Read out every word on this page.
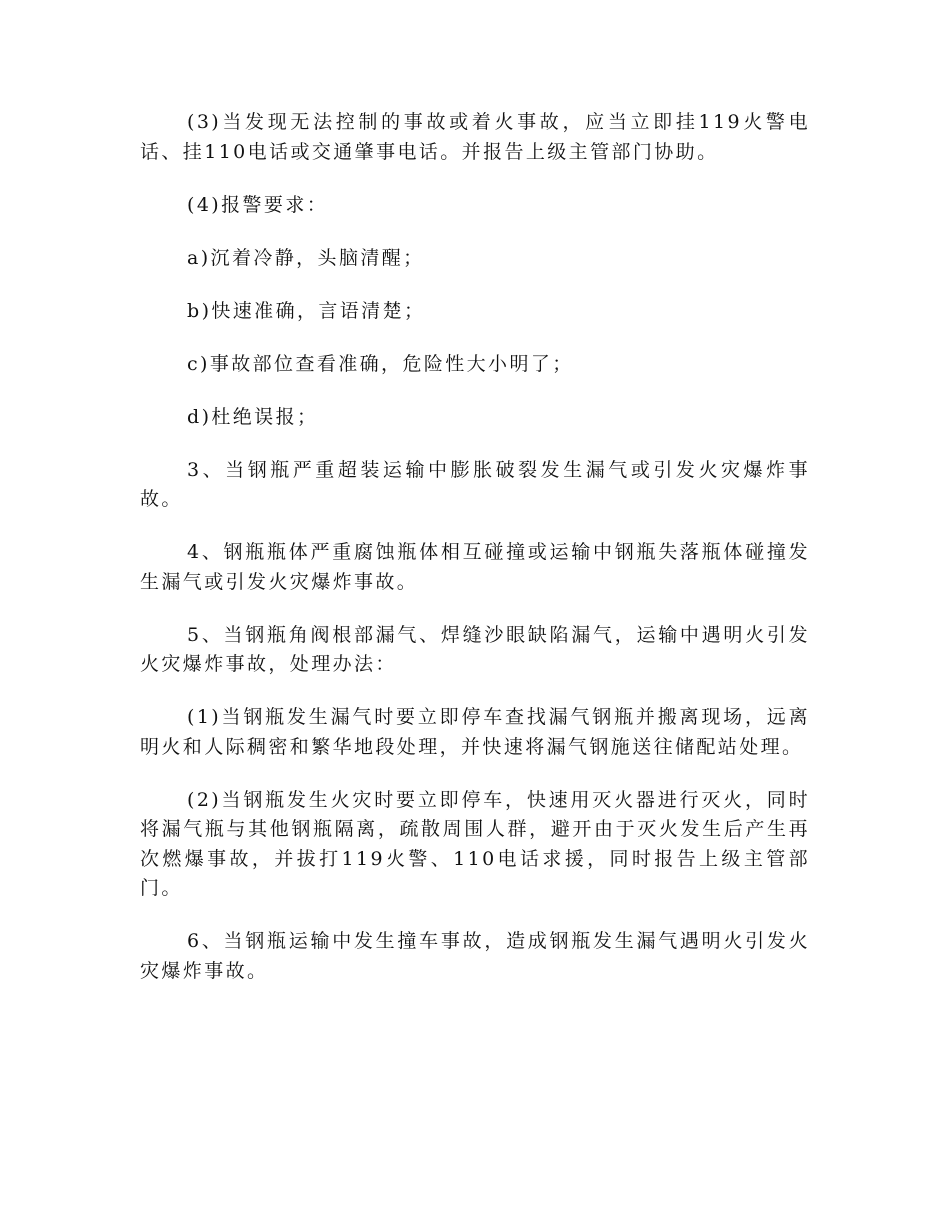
(3)当发现无法控制的事故或着火事故，应当立即挂119火警电话、挂110电话或交通肇事电话。并报告上级主管部门协助。

(4)报警要求：

a)沉着冷静，头脑清醒；

b)快速准确，言语清楚；

c)事故部位查看准确，危险性大小明了；

d)杜绝误报；

3、当钢瓶严重超装运输中膨胀破裂发生漏气或引发火灾爆炸事故。

4、钢瓶瓶体严重腐蚀瓶体相互碰撞或运输中钢瓶失落瓶体碰撞发生漏气或引发火灾爆炸事故。

5、当钢瓶角阀根部漏气、焊缝沙眼缺陷漏气，运输中遇明火引发火灾爆炸事故，处理办法：

(1)当钢瓶发生漏气时要立即停车查找漏气钢瓶并搬离现场，远离明火和人际稠密和繁华地段处理，并快速将漏气钢施送往储配站处理。

(2)当钢瓶发生火灾时要立即停车，快速用灭火器进行灭火，同时将漏气瓶与其他钢瓶隔离，疏散周围人群，避开由于灭火发生后产生再次燃爆事故，并拔打119火警、110电话求援，同时报告上级主管部门。

6、当钢瓶运输中发生撞车事故，造成钢瓶发生漏气遇明火引发火灾爆炸事故。
